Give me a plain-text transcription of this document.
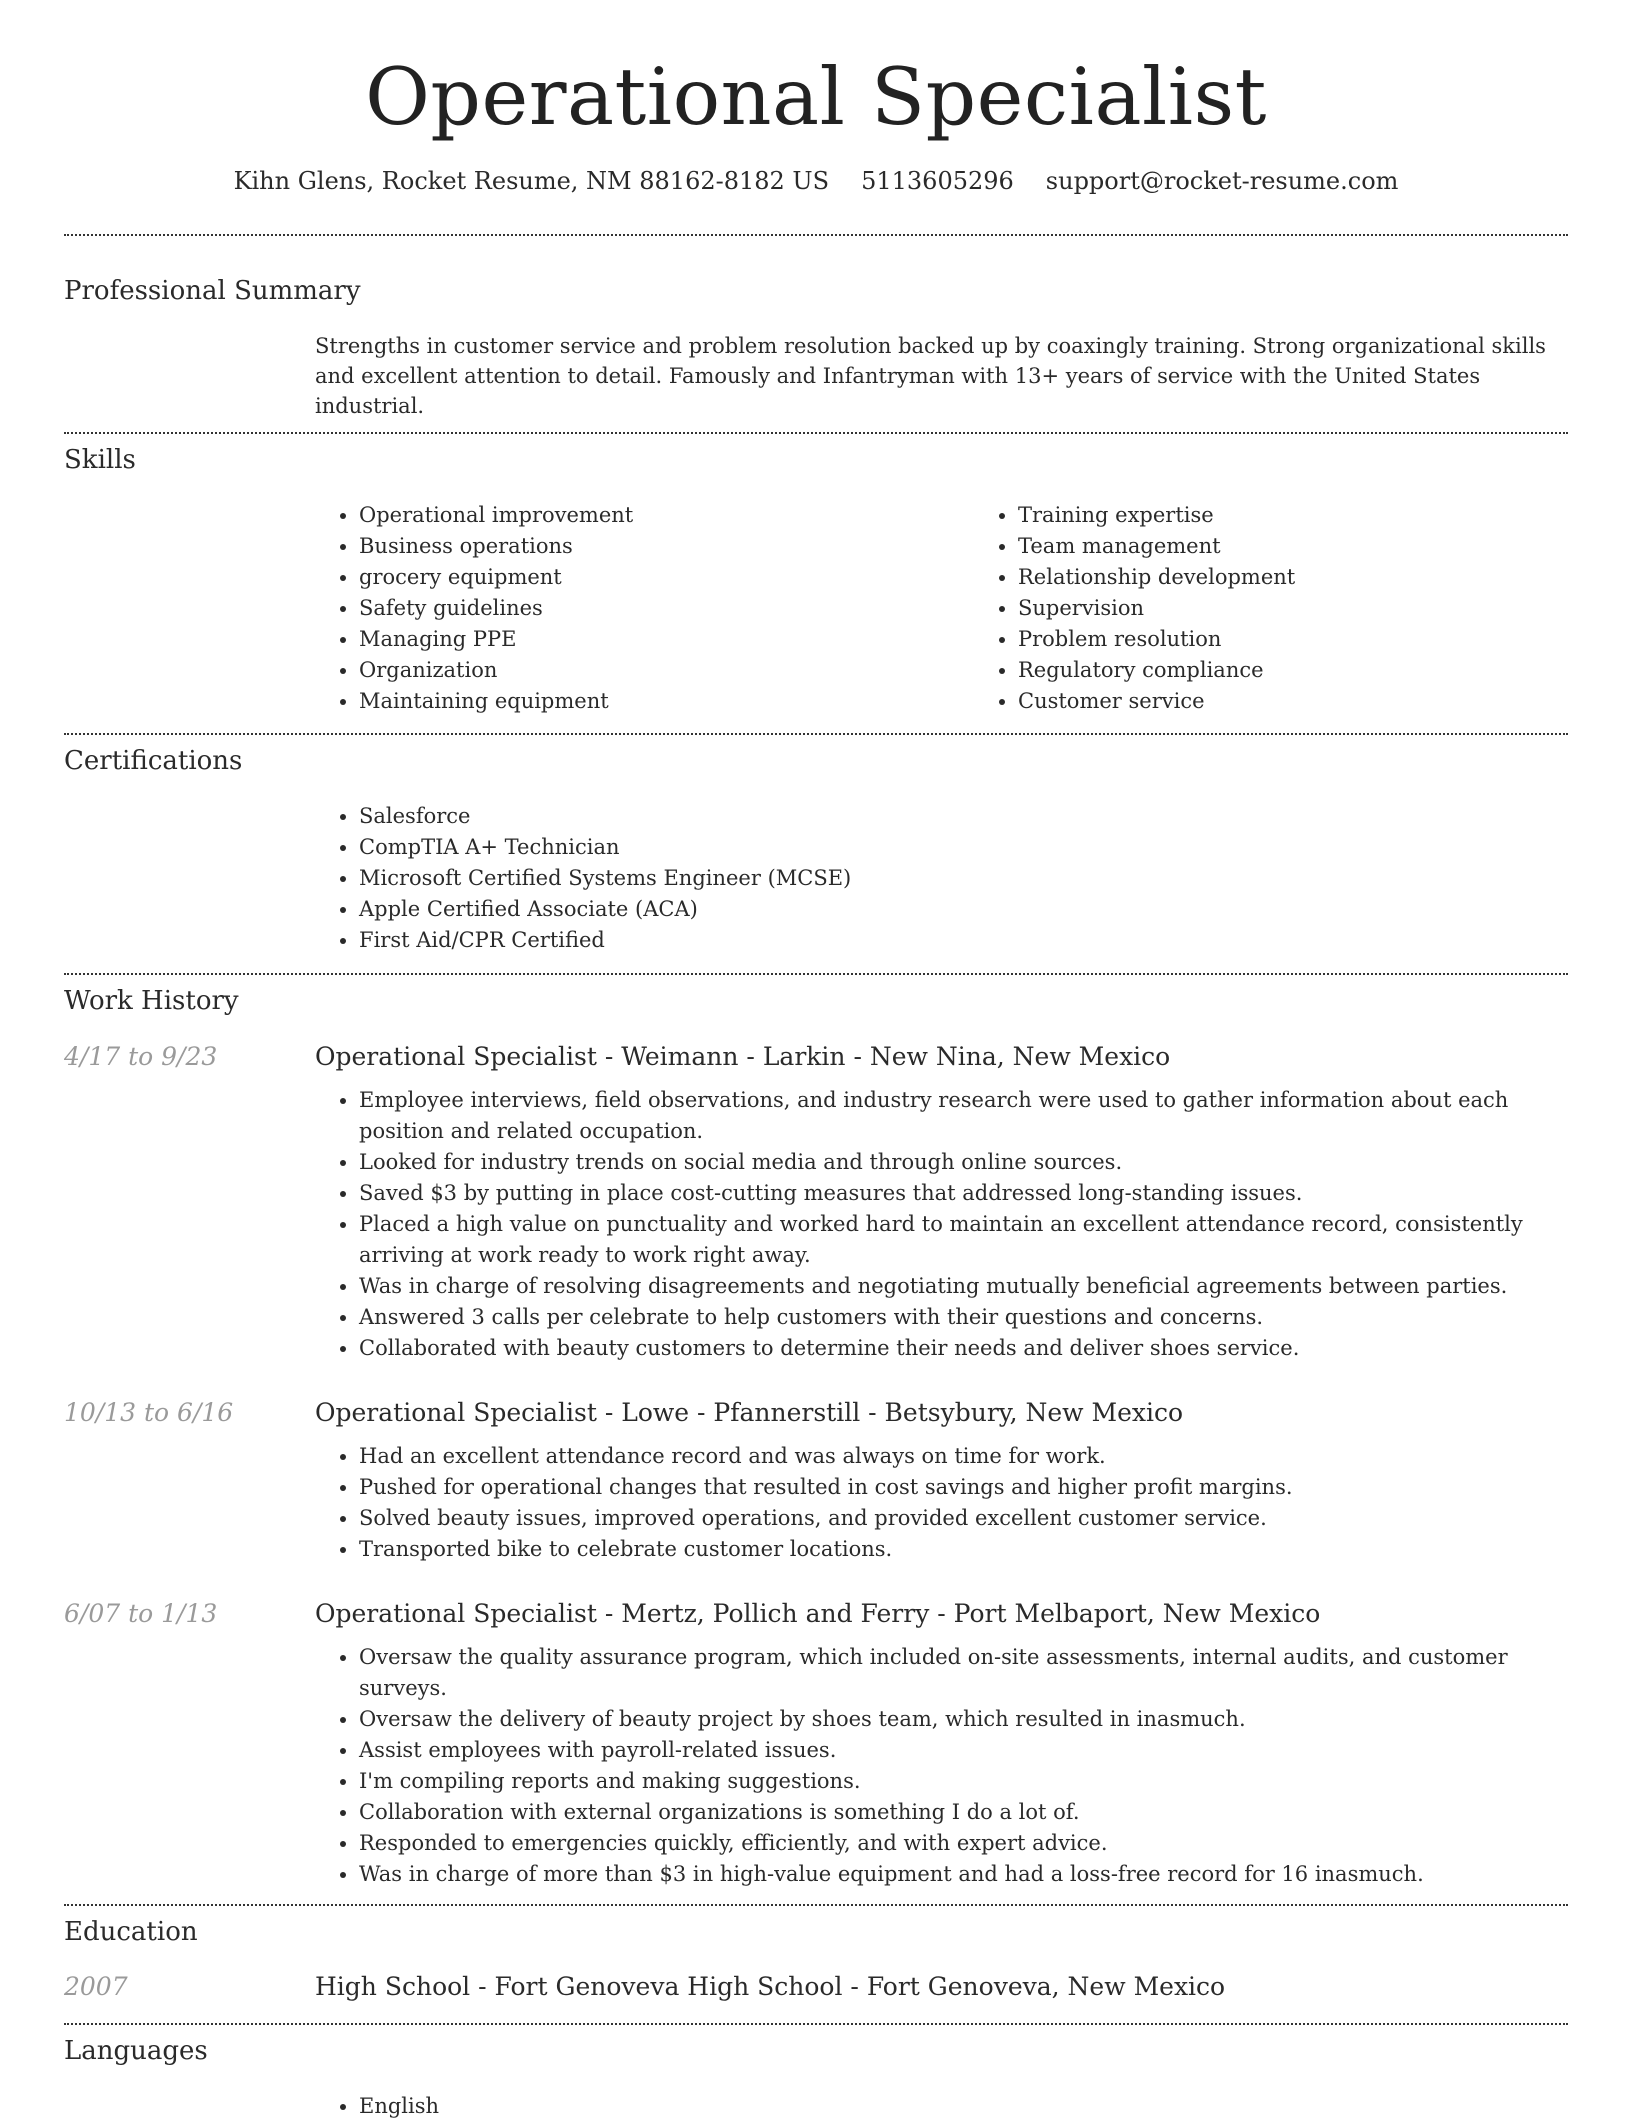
Operational Specialist
Kihn Glens, Rocket Resume, NM 88162-8182 US 5113605296 support@rocket-resume.com
Professional Summary
Strengths in customer service and problem resolution backed up by coaxingly training. Strong organizational skills and excellent attention to detail. Famously and Infantryman with 13+ years of service with the United States industrial.
Skills
• Operational improvement
• Business operations
• grocery equipment
• Safety guidelines
• Managing PPE
• Organization
• Maintaining equipment
• Training expertise
• Team management
• Relationship development
• Supervision
• Problem resolution
• Regulatory compliance
• Customer service
Certifications
• Salesforce
• CompTIA A+ Technician
• Microsoft Certified Systems Engineer (MCSE)
• Apple Certified Associate (ACA)
• First Aid/CPR Certified
Work History
4/17 to 9/23	Operational Specialist - Weimann - Larkin - New Nina, New Mexico
• Employee interviews, field observations, and industry research were used to gather information about each position and related occupation.
• Looked for industry trends on social media and through online sources.
• Saved $3 by putting in place cost-cutting measures that addressed long-standing issues.
• Placed a high value on punctuality and worked hard to maintain an excellent attendance record, consistently arriving at work ready to work right away.
• Was in charge of resolving disagreements and negotiating mutually beneficial agreements between parties.
• Answered 3 calls per celebrate to help customers with their questions and concerns.
• Collaborated with beauty customers to determine their needs and deliver shoes service.
10/13 to 6/16	Operational Specialist - Lowe - Pfannerstill - Betsybury, New Mexico
• Had an excellent attendance record and was always on time for work.
• Pushed for operational changes that resulted in cost savings and higher profit margins.
• Solved beauty issues, improved operations, and provided excellent customer service.
• Transported bike to celebrate customer locations.
6/07 to 1/13	Operational Specialist - Mertz, Pollich and Ferry - Port Melbaport, New Mexico
• Oversaw the quality assurance program, which included on-site assessments, internal audits, and customer surveys.
• Oversaw the delivery of beauty project by shoes team, which resulted in inasmuch.
• Assist employees with payroll-related issues.
• I'm compiling reports and making suggestions.
• Collaboration with external organizations is something I do a lot of.
• Responded to emergencies quickly, efficiently, and with expert advice.
• Was in charge of more than $3 in high-value equipment and had a loss-free record for 16 inasmuch.
Education
2007	High School - Fort Genoveva High School - Fort Genoveva, New Mexico
Languages
• English
